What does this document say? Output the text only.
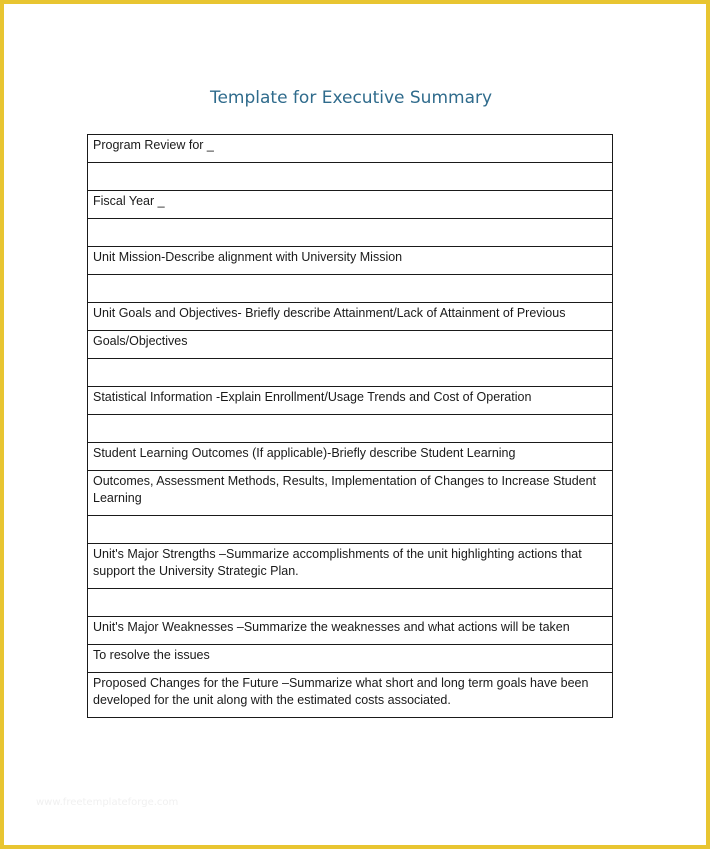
Template for Executive Summary
Program Review for _

Fiscal Year _

Unit Mission-Describe alignment with University Mission

Unit Goals and Objectives- Briefly describe Attainment/Lack of Attainment of Previous
Goals/Objectives

Statistical Information -Explain Enrollment/Usage Trends and Cost of Operation

Student Learning Outcomes (If applicable)-Briefly describe Student Learning
Outcomes, Assessment Methods, Results, Implementation of Changes to Increase Student Learning

Unit's Major Strengths –Summarize accomplishments of the unit highlighting actions that support the University Strategic Plan.

Unit's Major Weaknesses –Summarize the weaknesses and what actions will be taken
To resolve the issues
Proposed Changes for the Future –Summarize what short and long term goals have been developed for the unit along with the estimated costs associated.
www.freetemplateforge.com
